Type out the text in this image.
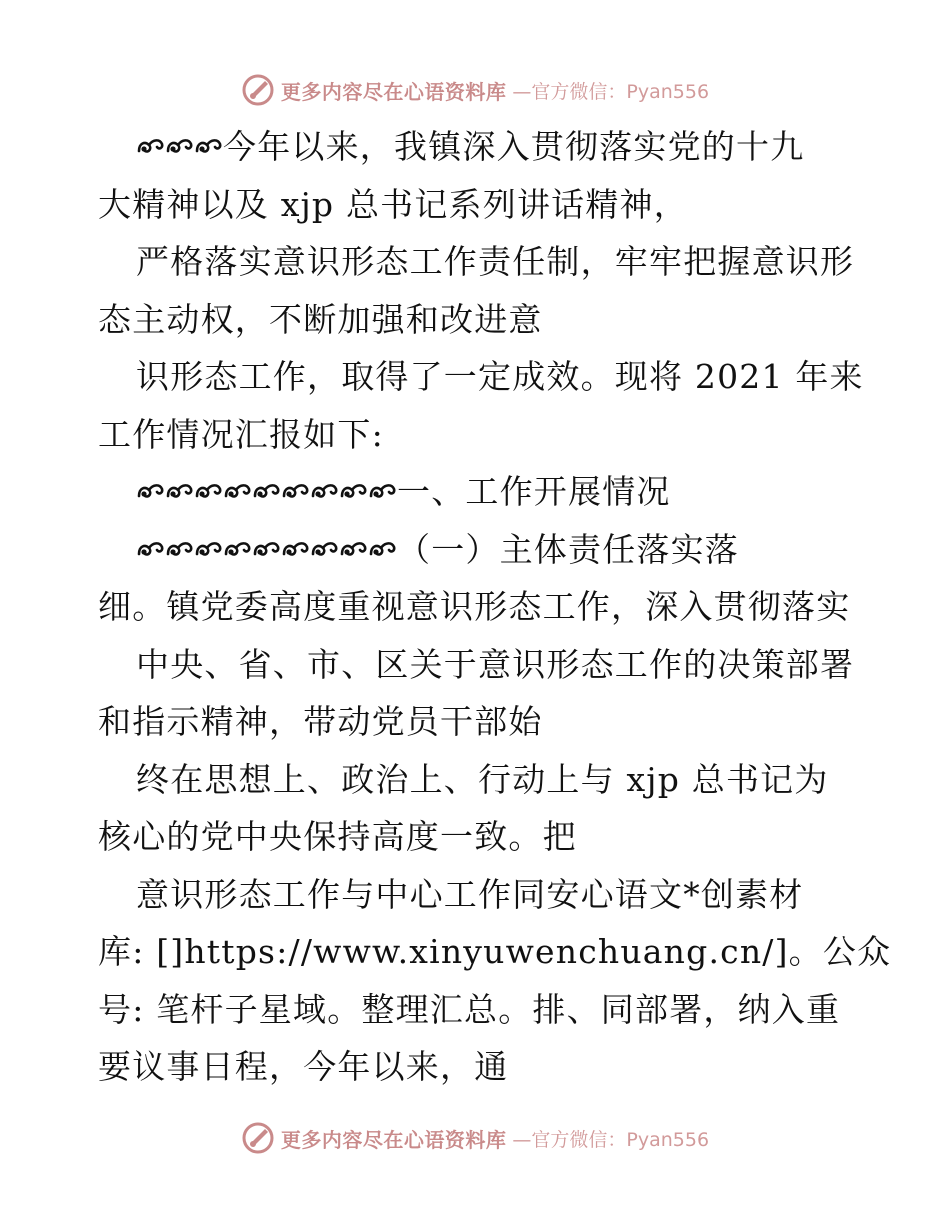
更多内容尽在心语资料库 —官方微信：Pyan556
今年以来，我镇深入贯彻落实党的十九
大精神以及 xjp 总书记系列讲话精神，
严格落实意识形态工作责任制，牢牢把握意识形
态主动权，不断加强和改进意
识形态工作，取得了一定成效。现将 2021 年来
工作情况汇报如下:
一、工作开展情况
（一）主体责任落实落
细。镇党委高度重视意识形态工作，深入贯彻落实
中央、省、市、区关于意识形态工作的决策部署
和指示精神，带动党员干部始
终在思想上、政治上、行动上与 xjp 总书记为
核心的党中央保持高度一致。把
意识形态工作与中心工作同安心语文*创素材
库: []https://www.xinyuwenchuang.cn/]。公众
号: 笔杆子星域。整理汇总。排、同部署，纳入重
要议事日程，今年以来，通
更多内容尽在心语资料库 —官方微信：Pyan556
